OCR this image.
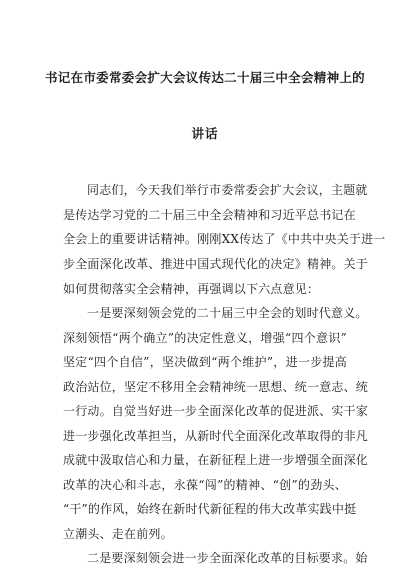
书记在市委常委会扩大会议传达二十届三中全会精神上的
讲话
同志们，今天我们举行市委常委会扩大会议，主题就
是传达学习党的二十届三中全会精神和习近平总书记在
全会上的重要讲话精神。刚刚XX传达了《中共中央关于进一
步全面深化改革、推进中国式现代化的决定》精神。关于
如何贯彻落实全会精神，再强调以下六点意见：
一是要深刻领会党的二十届三中全会的划时代意义。
深刻领悟“两个确立”的决定性意义，增强“四个意识”
坚定“四个自信”，坚决做到“两个维护”，进一步提高
政治站位，坚定不移用全会精神统一思想、统一意志、统
一行动。自觉当好进一步全面深化改革的促进派、实干家
进一步强化改革担当，从新时代全面深化改革取得的非凡
成就中汲取信心和力量，在新征程上进一步增强全面深化
改革的决心和斗志，永葆“闯”的精神、“创”的劲头、
“干”的作风，始终在新时代新征程的伟大改革实践中挺
立潮头、走在前列。
二是要深刻领会进一步全面深化改革的目标要求。始
